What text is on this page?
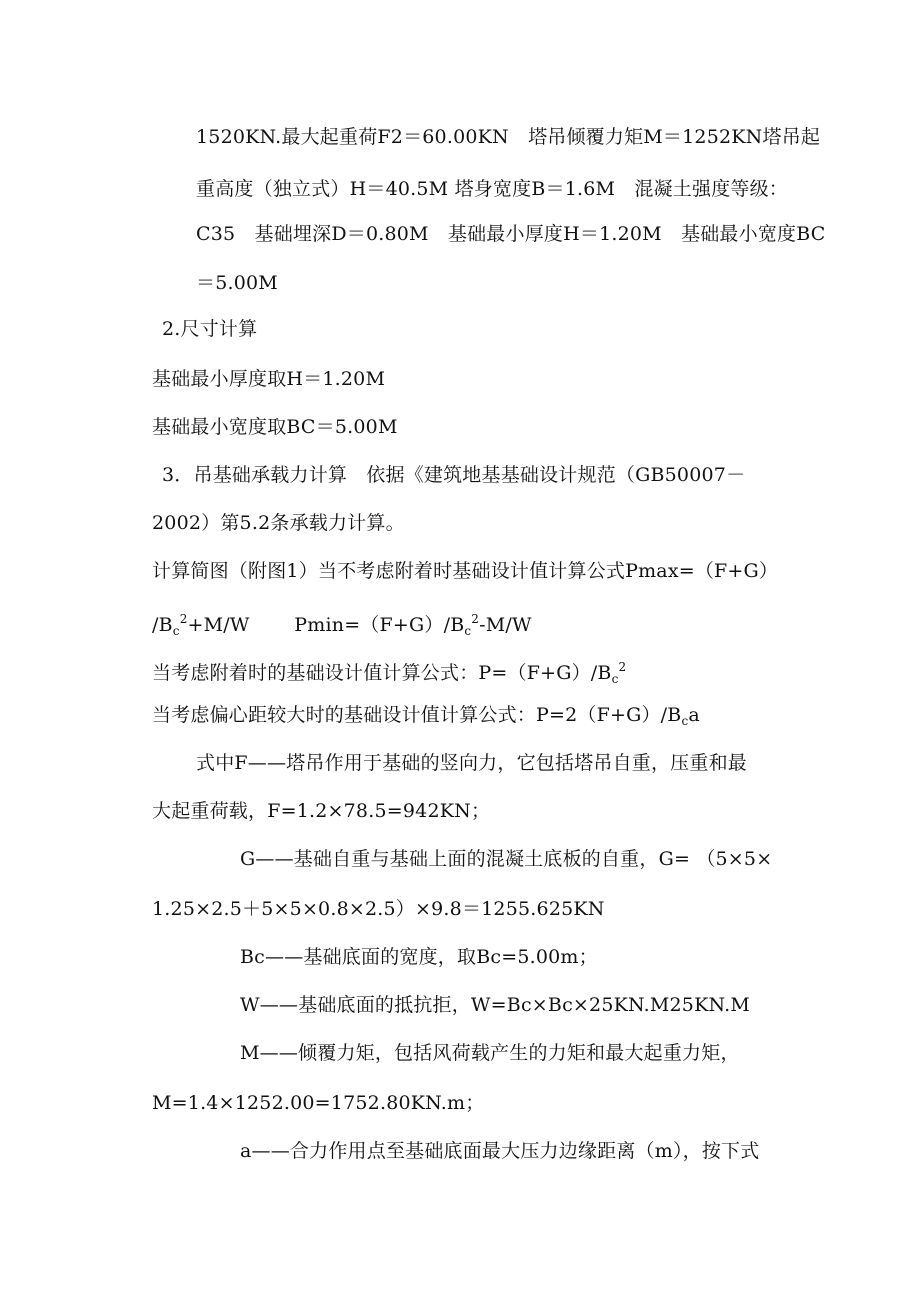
1520KN.最大起重荷F2＝60.00KN　塔吊倾覆力矩M＝1252KN塔吊起
重高度（独立式）H＝40.5M 塔身宽度B＝1.6M　混凝土强度等级：
C35　基础埋深D＝0.80M　基础最小厚度H＝1.20M　基础最小宽度BC
＝5.00M
2.尺寸计算
基础最小厚度取H＝1.20M
基础最小宽度取BC＝5.00M
3．吊基础承载力计算　依据《建筑地基基础设计规范（GB50007－
2002）第5.2条承载力计算。
计算简图（附图1）当不考虑附着时基础设计值计算公式Pmax=（F+G）
$/B_c^2+M/W$　　 $Pmin=(F+G)/B_c^2-M/W$
当考虑附着时的基础设计值计算公式：$P=(F+G)/B_c^2$
当考虑偏心距较大时的基础设计值计算公式：$P=2(F+G)/B_ca$
式中F——塔吊作用于基础的竖向力，它包括塔吊自重，压重和最
大起重荷载，F=1.2×78.5=942KN；
G——基础自重与基础上面的混凝土底板的自重，G= （5×5×
1.25×2.5＋5×5×0.8×2.5）×9.8＝1255.625KN
Bc——基础底面的宽度，取Bc=5.00m；
W——基础底面的抵抗拒，W=Bc×Bc×25KN.M25KN.M
M——倾覆力矩，包括风荷载产生的力矩和最大起重力矩，
M=1.4×1252.00=1752.80KN.m；
a——合力作用点至基础底面最大压力边缘距离（m），按下式
